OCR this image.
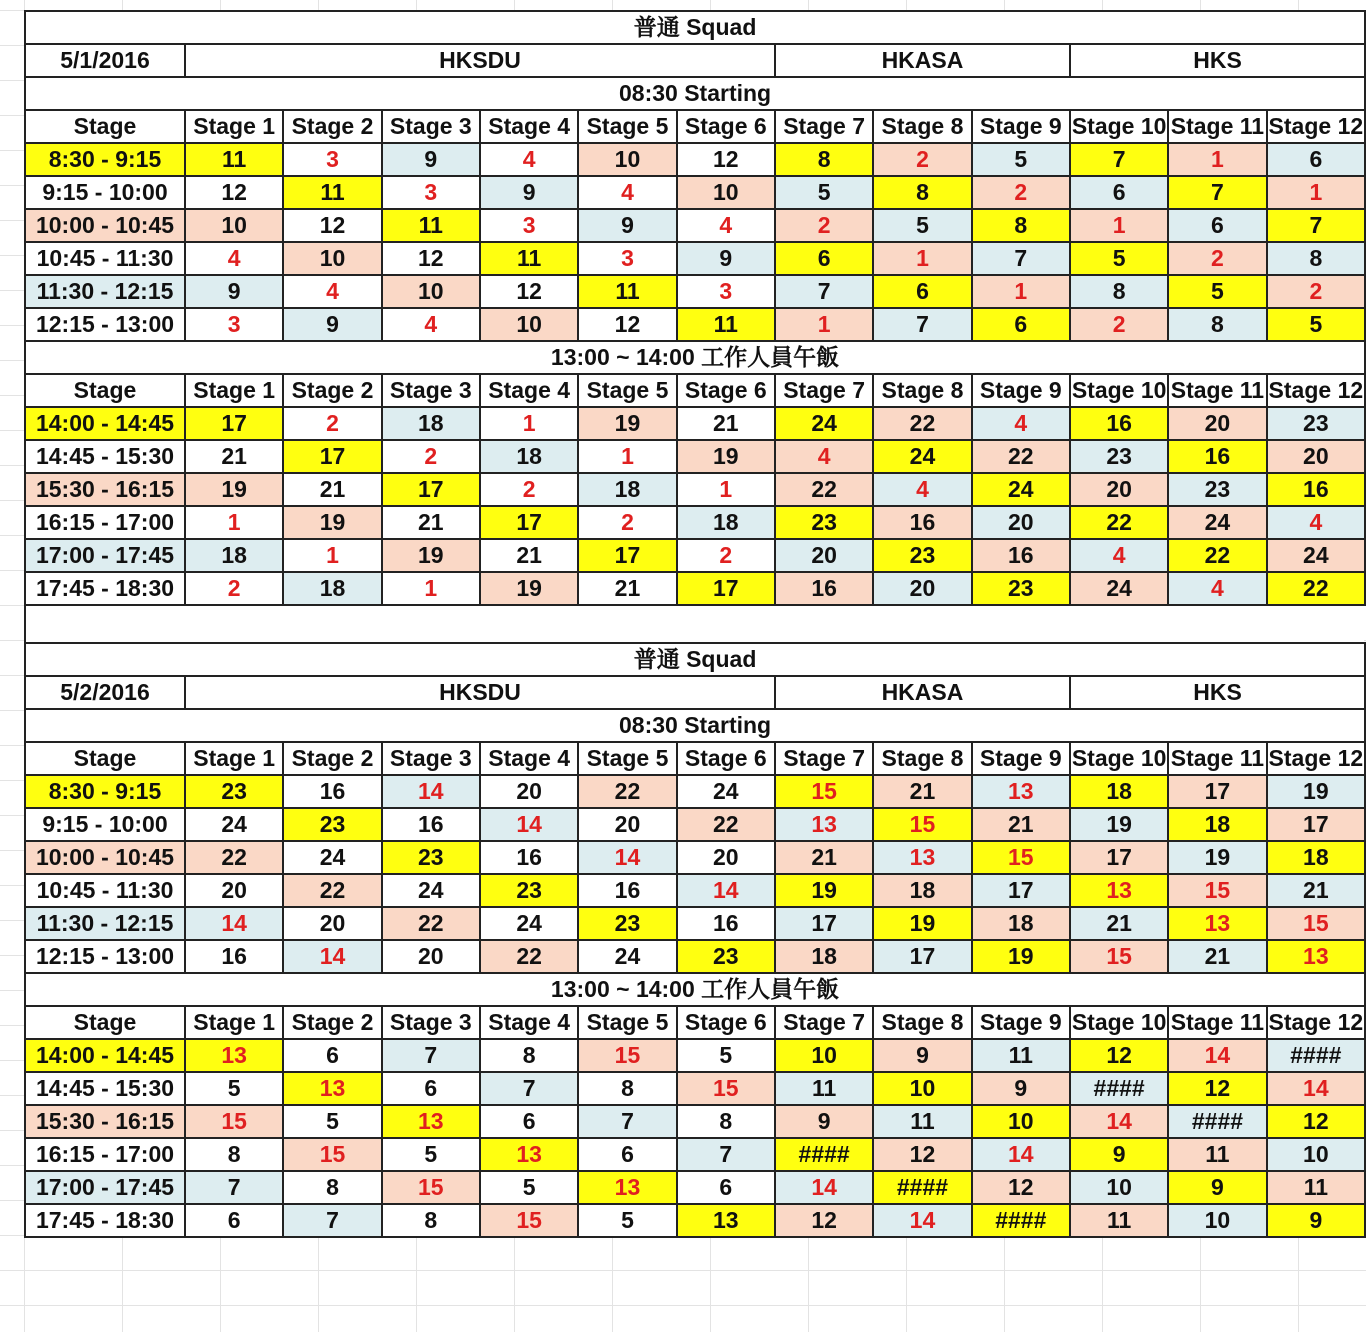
普通 Squad												
5/1/2016	HKSDU						HKASA			HKS		
08:30 Starting												
Stage	Stage 1	Stage 2	Stage 3	Stage 4	Stage 5	Stage 6	Stage 7	Stage 8	Stage 9	Stage 10	Stage 11	Stage 12
8:30 - 9:15	11	3	9	4	10	12	8	2	5	7	1	6
9:15 - 10:00	12	11	3	9	4	10	5	8	2	6	7	1
10:00 - 10:45	10	12	11	3	9	4	2	5	8	1	6	7
10:45 - 11:30	4	10	12	11	3	9	6	1	7	5	2	8
11:30 - 12:15	9	4	10	12	11	3	7	6	1	8	5	2
12:15 - 13:00	3	9	4	10	12	11	1	7	6	2	8	5
13:00 ~ 14:00 工作人員午飯												
Stage	Stage 1	Stage 2	Stage 3	Stage 4	Stage 5	Stage 6	Stage 7	Stage 8	Stage 9	Stage 10	Stage 11	Stage 12
14:00 - 14:45	17	2	18	1	19	21	24	22	4	16	20	23
14:45 - 15:30	21	17	2	18	1	19	4	24	22	23	16	20
15:30 - 16:15	19	21	17	2	18	1	22	4	24	20	23	16
16:15 - 17:00	1	19	21	17	2	18	23	16	20	22	24	4
17:00 - 17:45	18	1	19	21	17	2	20	23	16	4	22	24
17:45 - 18:30	2	18	1	19	21	17	16	20	23	24	4	22
普通 Squad												
5/2/2016	HKSDU						HKASA			HKS		
08:30 Starting												
Stage	Stage 1	Stage 2	Stage 3	Stage 4	Stage 5	Stage 6	Stage 7	Stage 8	Stage 9	Stage 10	Stage 11	Stage 12
8:30 - 9:15	23	16	14	20	22	24	15	21	13	18	17	19
9:15 - 10:00	24	23	16	14	20	22	13	15	21	19	18	17
10:00 - 10:45	22	24	23	16	14	20	21	13	15	17	19	18
10:45 - 11:30	20	22	24	23	16	14	19	18	17	13	15	21
11:30 - 12:15	14	20	22	24	23	16	17	19	18	21	13	15
12:15 - 13:00	16	14	20	22	24	23	18	17	19	15	21	13
13:00 ~ 14:00 工作人員午飯												
Stage	Stage 1	Stage 2	Stage 3	Stage 4	Stage 5	Stage 6	Stage 7	Stage 8	Stage 9	Stage 10	Stage 11	Stage 12
14:00 - 14:45	13	6	7	8	15	5	10	9	11	12	14	####
14:45 - 15:30	5	13	6	7	8	15	11	10	9	####	12	14
15:30 - 16:15	15	5	13	6	7	8	9	11	10	14	####	12
16:15 - 17:00	8	15	5	13	6	7	####	12	14	9	11	10
17:00 - 17:45	7	8	15	5	13	6	14	####	12	10	9	11
17:45 - 18:30	6	7	8	15	5	13	12	14	####	11	10	9
